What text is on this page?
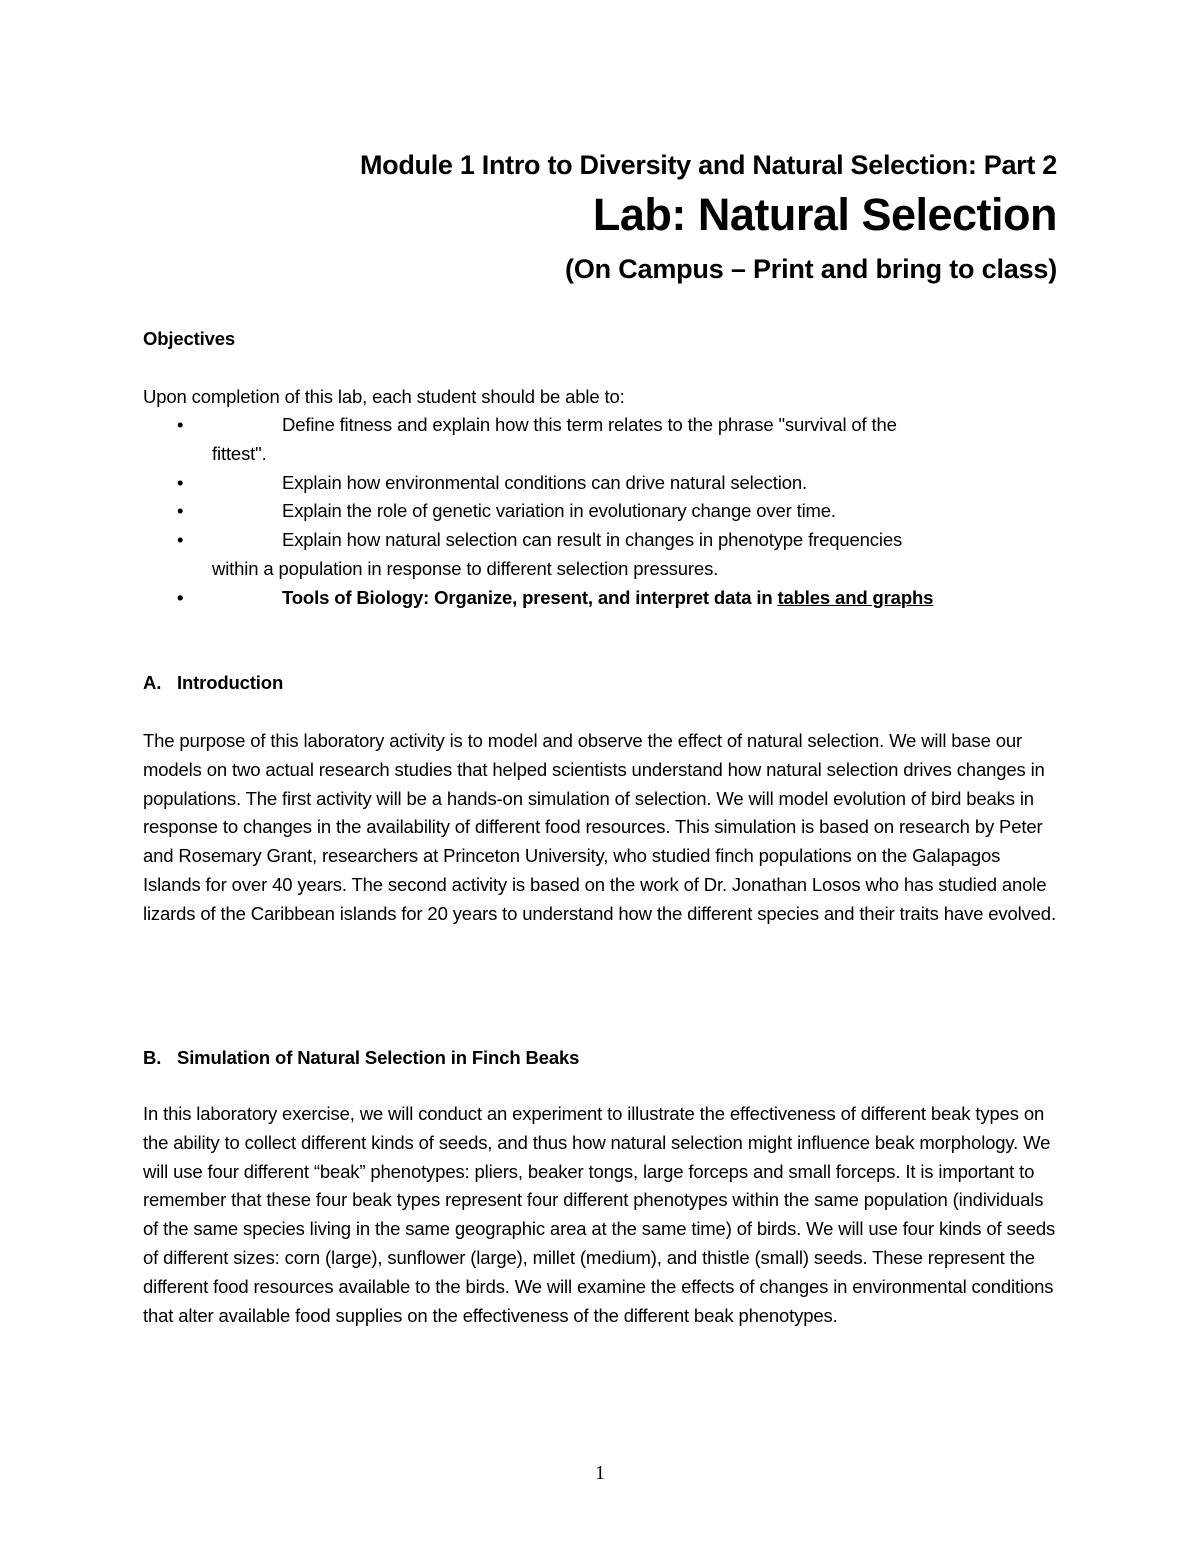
Module 1 Intro to Diversity and Natural Selection: Part 2
Lab: Natural Selection
(On Campus – Print and bring to class)
Objectives
Upon completion of this lab, each student should be able to:
•	Define fitness and explain how this term relates to the phrase "survival of the
fittest".
•	Explain how environmental conditions can drive natural selection.
•	Explain the role of genetic variation in evolutionary change over time.
•	Explain how natural selection can result in changes in phenotype frequencies
within a population in response to different selection pressures.
•	Tools of Biology: Organize, present, and interpret data in tables and graphs
A. Introduction

The purpose of this laboratory activity is to model and observe the effect of natural selection. We will base our models on two actual research studies that helped scientists understand how natural selection drives changes in populations. The first activity will be a hands-on simulation of selection. We will model evolution of bird beaks in response to changes in the availability of different food resources. This simulation is based on research by Peter and Rosemary Grant, researchers at Princeton University, who studied finch populations on the Galapagos Islands for over 40 years. The second activity is based on the work of Dr. Jonathan Losos who has studied anole lizards of the Caribbean islands for 20 years to understand how the different species and their traits have evolved.

B. Simulation of Natural Selection in Finch Beaks

In this laboratory exercise, we will conduct an experiment to illustrate the effectiveness of different beak types on the ability to collect different kinds of seeds, and thus how natural selection might influence beak morphology. We will use four different “beak” phenotypes: pliers, beaker tongs, large forceps and small forceps. It is important to remember that these four beak types represent four different phenotypes within the same population (individuals of the same species living in the same geographic area at the same time) of birds. We will use four kinds of seeds of different sizes: corn (large), sunflower (large), millet (medium), and thistle (small) seeds. These represent the different food resources available to the birds. We will examine the effects of changes in environmental conditions that alter available food supplies on the effectiveness of the different beak phenotypes.

1
